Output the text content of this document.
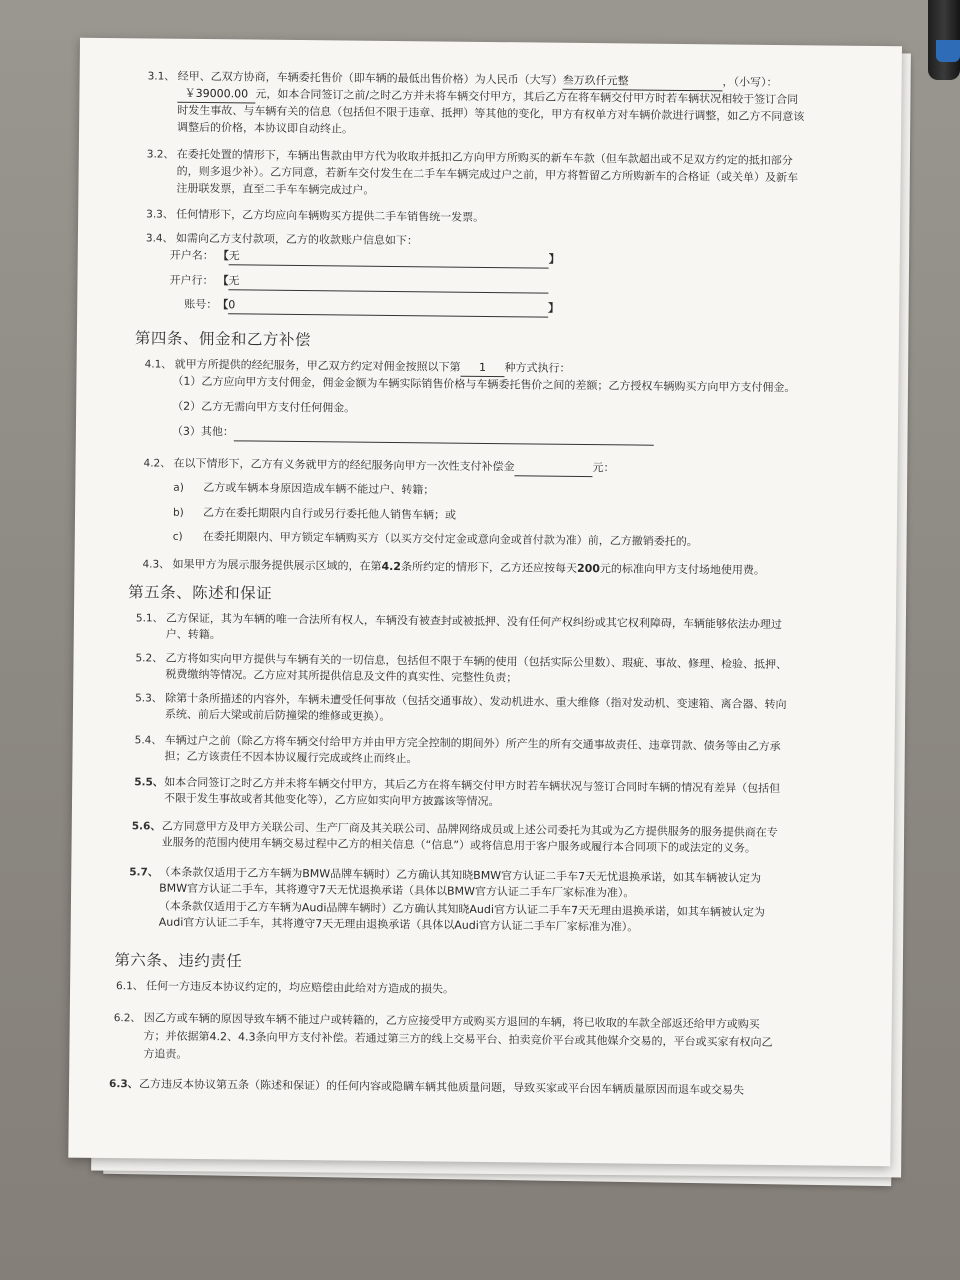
3.1、 经甲、乙双方协商，车辆委托售价（即车辆的最低出售价格）为人民币（大写） 叁万玖仟元整	，（小写）：
￥39000.00 元，如本合同签订之前/之时乙方并未将车辆交付甲方，其后乙方在将车辆交付甲方时若车辆状况相较于签订合同
时发生事故、与车辆有关的信息（包括但不限于违章、抵押）等其他的变化，甲方有权单方对车辆价款进行调整，如乙方不同意该
调整后的价格，本协议即自动终止。
3.2、 在委托处置的情形下，车辆出售款由甲方代为收取并抵扣乙方向甲方所购买的新车车款（但车款超出或不足双方约定的抵扣部分
的，则多退少补）。乙方同意，若新车交付发生在二手车车辆完成过户之前，甲方将暂留乙方所购新车的合格证（或关单）及新车
注册联发票，直至二手车车辆完成过户。
3.3、 任何情形下，乙方均应向车辆购买方提供二手车销售统一发票。
3.4、 如需向乙方支付款项，乙方的收款账户信息如下：
开户名： 【 无	】
开户行： 【 无
账号： 【 0	】
第四条、佣金和乙方补偿
4.1、 就甲方所提供的经纪服务，甲乙双方约定对佣金按照以下第	1	种方式执行：
（1）乙方应向甲方支付佣金，佣金金额为车辆实际销售价格与车辆委托售价之间的差额；乙方授权车辆购买方向甲方支付佣金。
（2）乙方无需向甲方支付任何佣金。
（3）其他：

4.2、 在以下情形下，乙方有义务就甲方的经纪服务向甲方一次性支付补偿金
	元：
a)	乙方或车辆本身原因造成车辆不能过户、转籍；
b)	乙方在委托期限内自行或另行委托他人销售车辆；或
c)	在委托期限内、甲方锁定车辆购买方（以买方交付定金或意向金或首付款为准）前，乙方撤销委托的。
4.3、 如果甲方为展示服务提供展示区域的，在第 4.2 条所约定的情形下，乙方还应按每天 200 元的标准向甲方支付场地使用费。
第五条、陈述和保证
5.1、 乙方保证，其为车辆的唯一合法所有权人，车辆没有被查封或被抵押、没有任何产权纠纷或其它权利障碍，车辆能够依法办理过
户、转籍。
5.2、 乙方将如实向甲方提供与车辆有关的一切信息，包括但不限于车辆的使用（包括实际公里数）、瑕疵、事故、修理、检验、抵押、
税费缴纳等情况。乙方应对其所提供信息及文件的真实性、完整性负责；
5.3、 除第十条所描述的内容外，车辆未遭受任何事故（包括交通事故）、发动机进水、重大维修（指对发动机、变速箱、离合器、转向
系统、前后大梁或前后防撞梁的维修或更换）。
5.4、 车辆过户之前（除乙方将车辆交付给甲方并由甲方完全控制的期间外）所产生的所有交通事故责任、违章罚款、债务等由乙方承
担；乙方该责任不因本协议履行完成或终止而终止。
5.5、 如本合同签订之时乙方并未将车辆交付甲方，其后乙方在将车辆交付甲方时若车辆状况与签订合同时车辆的情况有差异（包括但
不限于发生事故或者其他变化等），乙方应如实向甲方披露该等情况。
5.6、 乙方同意甲方及甲方关联公司、生产厂商及其关联公司、品牌网络成员或上述公司委托为其或为乙方提供服务的服务提供商在专
业服务的范围内使用车辆交易过程中乙方的相关信息（“信息”）或将信息用于客户服务或履行本合同项下的或法定的义务。
5.7、 （本条款仅适用于乙方车辆为BMW品牌车辆时）乙方确认其知晓BMW官方认证二手车7天无忧退换承诺，如其车辆被认定为
BMW官方认证二手车，其将遵守7天无忧退换承诺（具体以BMW官方认证二手车厂家标准为准）。
（本条款仅适用于乙方车辆为Audi品牌车辆时）乙方确认其知晓Audi官方认证二手车7天无理由退换承诺，如其车辆被认定为
Audi官方认证二手车，其将遵守7天无理由退换承诺（具体以Audi官方认证二手车厂家标准为准）。
第六条、违约责任
6.1、 任何一方违反本协议约定的，均应赔偿由此给对方造成的损失。
6.2、 因乙方或车辆的原因导致车辆不能过户或转籍的，乙方应接受甲方或购买方退回的车辆，将已收取的车款全部返还给甲方或购买
方；并依据第4.2、4.3条向甲方支付补偿。若通过第三方的线上交易平台、拍卖竞价平台或其他媒介交易的，平台或买家有权向乙
方追责。
6.3、 乙方违反本协议第五条（陈述和保证）的任何内容或隐瞒车辆其他质量问题，导致买家或平台因车辆质量原因而退车或交易失
